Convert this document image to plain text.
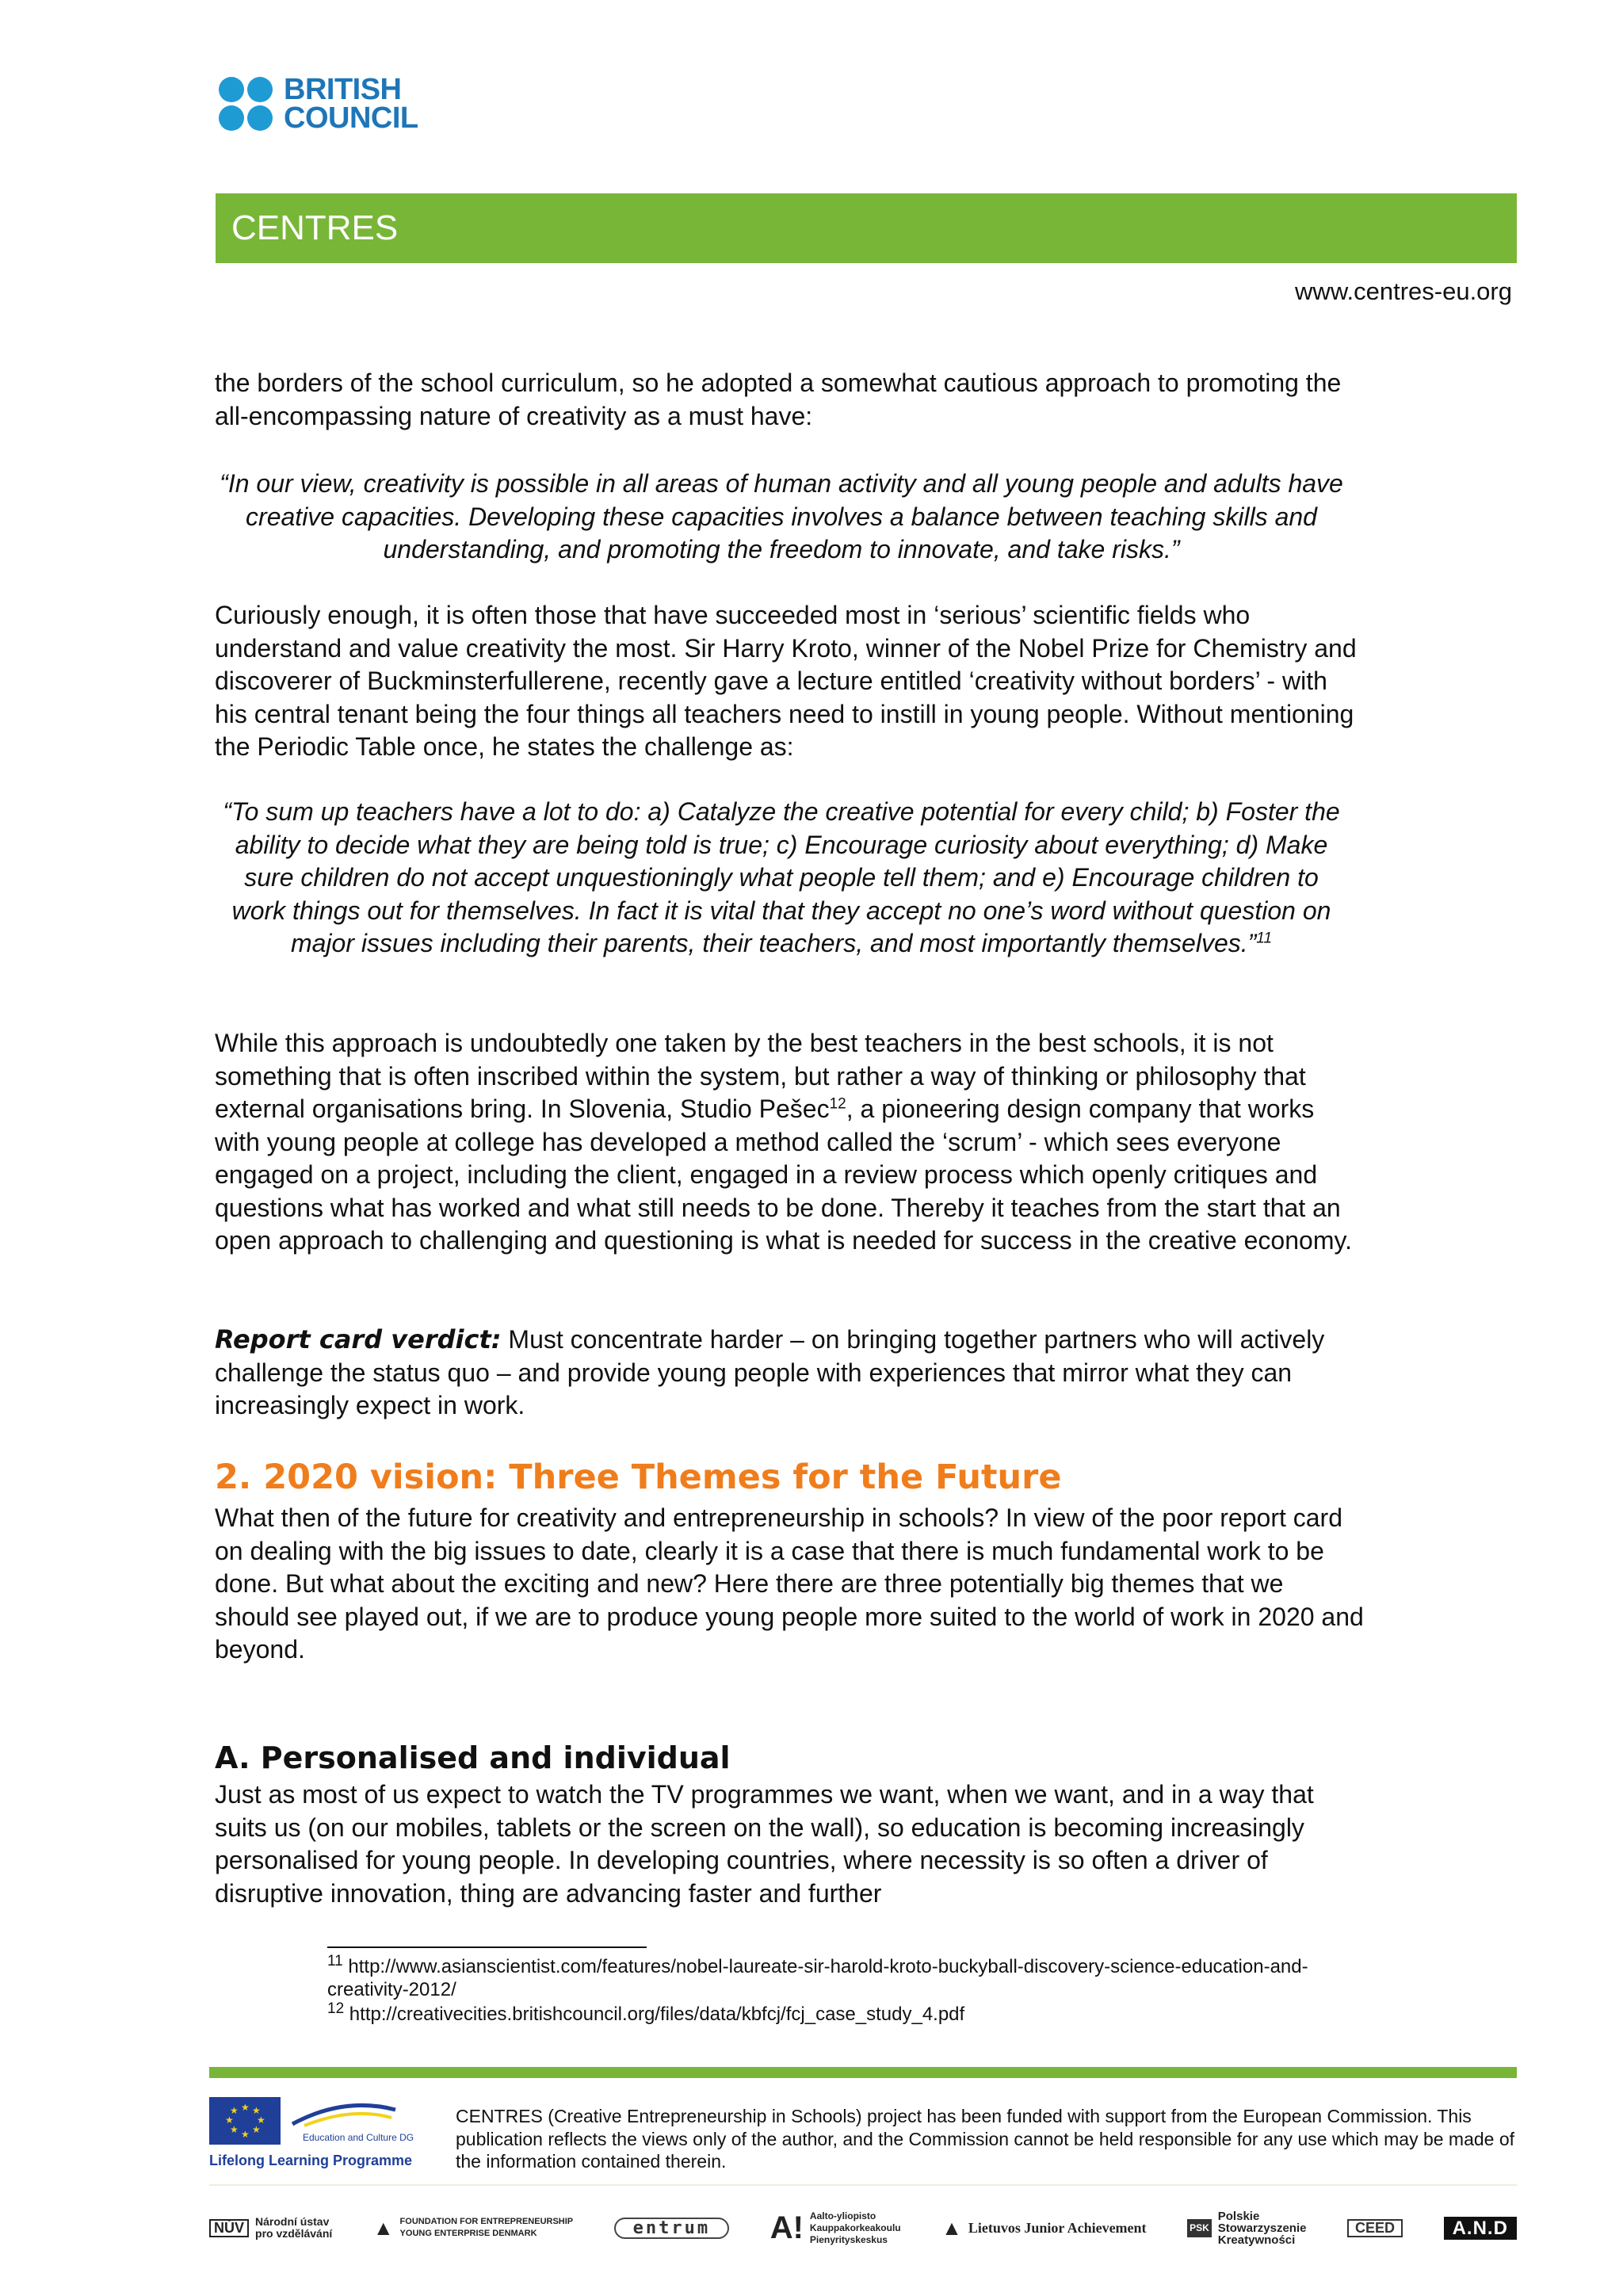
BRITISH
COUNCIL
CENTRES
www.centres-eu.org
the borders of the school curriculum, so he adopted a somewhat cautious approach to promoting the all-encompassing nature of creativity as a must have:
“In our view, creativity is possible in all areas of human activity and all young people and adults have creative capacities. Developing these capacities involves a balance between teaching skills and understanding, and promoting the freedom to innovate, and take risks.”
Curiously enough, it is often those that have succeeded most in ‘serious’ scientific fields who understand and value creativity the most. Sir Harry Kroto, winner of the Nobel Prize for Chemistry and discoverer of Buckminsterfullerene, recently gave a lecture entitled ‘creativity without borders’ - with his central tenant being the four things all teachers need to instill in young people. Without mentioning the Periodic Table once, he states the challenge as:
“To sum up teachers have a lot to do: a) Catalyze the creative potential for every child; b) Foster the ability to decide what they are being told is true; c) Encourage curiosity about everything; d) Make sure children do not accept unquestioningly what people tell them; and e) Encourage children to work things out for themselves. In fact it is vital that they accept no one’s word without question on major issues including their parents, their teachers, and most importantly themselves.”$^{11}$
While this approach is undoubtedly one taken by the best teachers in the best schools, it is not something that is often inscribed within the system, but rather a way of thinking or philosophy that external organisations bring. In Slovenia, Studio Pešec$^{12}$, a pioneering design company that works with young people at college has developed a method called the ‘scrum’ - which sees everyone engaged on a project, including the client, engaged in a review process which openly critiques and questions what has worked and what still needs to be done. Thereby it teaches from the start that an open approach to challenging and questioning is what is needed for success in the creative economy.
Report card verdict: Must concentrate harder – on bringing together partners who will actively challenge the status quo – and provide young people with experiences that mirror what they can increasingly expect in work.
2. 2020 vision: Three Themes for the Future
What then of the future for creativity and entrepreneurship in schools? In view of the poor report card on dealing with the big issues to date, clearly it is a case that there is much fundamental work to be done. But what about the exciting and new? Here there are three potentially big themes that we should see played out, if we are to produce young people more suited to the world of work in 2020 and beyond.
A. Personalised and individual
Just as most of us expect to watch the TV programmes we want, when we want, and in a way that suits us (on our mobiles, tablets or the screen on the wall), so education is becoming increasingly personalised for young people. In developing countries, where necessity is so often a driver of disruptive innovation, thing are advancing faster and further
$^{11}$ http://www.asianscientist.com/features/nobel-laureate-sir-harold-kroto-buckyball-discovery-science-education-and-creativity-2012/
$^{12}$ http://creativecities.britishcouncil.org/files/data/kbfcj/fcj_case_study_4.pdf
★ ★
★
★
★
★
★
★
Education and Culture DG
Lifelong Learning Programme
CENTRES (Creative Entrepreneurship in Schools) project has been funded with support from the European Commission. This publication reflects the views only of the author, and the Commission cannot be held responsible for any use which may be made of the information contained therein.
NÚV	Národní ústav
pro vzdělávání ▲ FOUNDATION FOR ENTREPRENEURSHIP
YOUNG ENTERPRISE DENMARK	entrum	A! Aalto-yliopisto
Kauppakorkeakoulu
Pienyrityskeskus	▲ Lietuvos Junior Achievement	PSK
Polskie
Stowarzyszenie
Kreatywności
CEED	A.N.D
